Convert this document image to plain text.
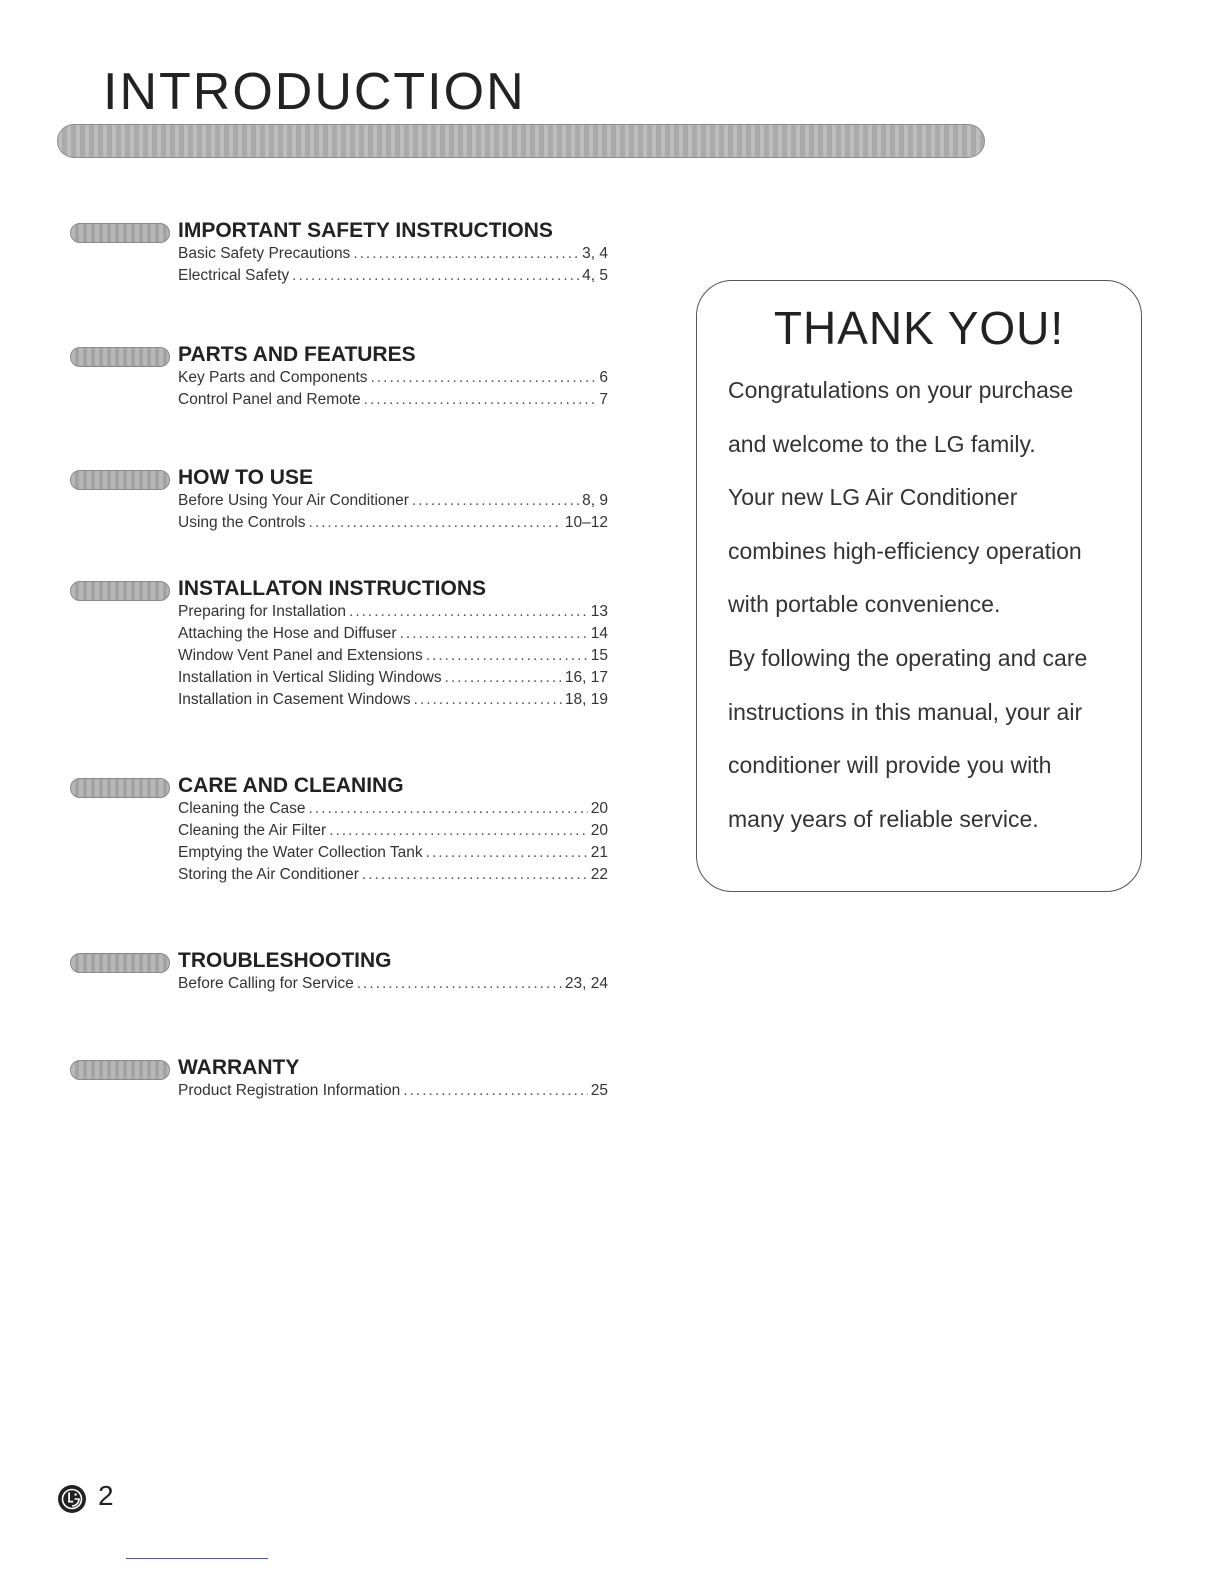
INTRODUCTION
IMPORTANT SAFETY INSTRUCTIONS
Basic Safety Precautions .....	3, 4
Electrical Safety .....	4, 5
PARTS AND FEATURES
Key Parts and Components .....	6
Control Panel and Remote .....	7
HOW TO USE
Before Using Your Air Conditioner .....	8, 9
Using the Controls .....	10–12
INSTALLATON INSTRUCTIONS
Preparing for Installation .....	13
Attaching the Hose and Diffuser .....	14
Window Vent Panel and Extensions .....	15
Installation in Vertical Sliding Windows .....	16, 17
Installation in Casement Windows .....	18, 19
CARE AND CLEANING
Cleaning the Case .....	20
Cleaning the Air Filter .....	20
Emptying the Water Collection Tank .....	21
Storing the Air Conditioner .....	22
TROUBLESHOOTING
Before Calling for Service .....	23, 24
WARRANTY
Product Registration Information .....	25
THANK YOU!
Congratulations on your purchase
and welcome to the LG family.
Your new LG Air Conditioner
combines high-efficiency operation
with portable convenience.
By following the operating and care
instructions in this manual, your air
conditioner will provide you with
many years of reliable service.
2
